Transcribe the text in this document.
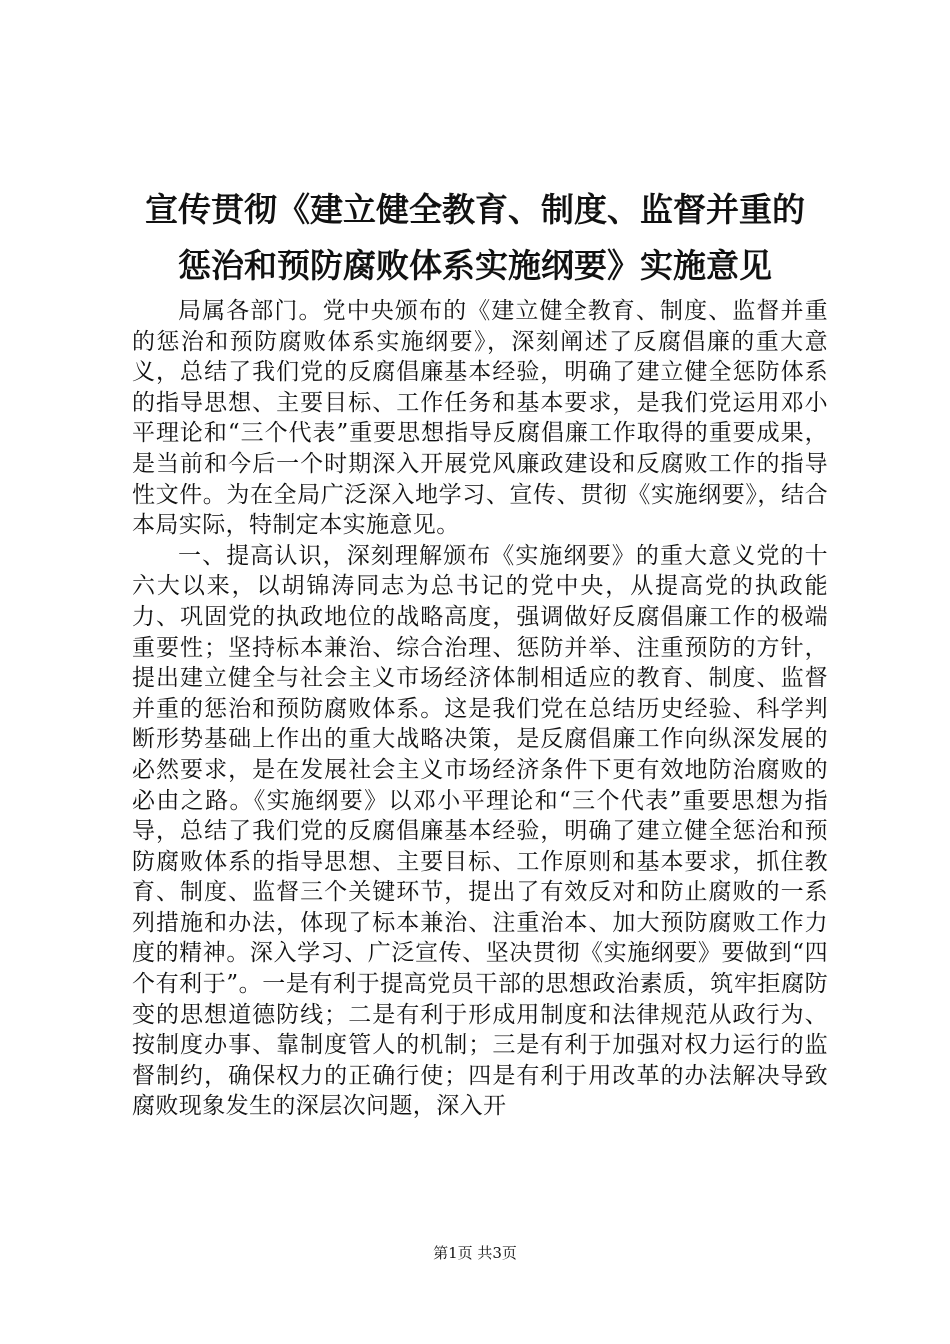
宣传贯彻《建立健全教育、制度、监督并重的
惩治和预防腐败体系实施纲要》实施意见

局属各部门。党中央颁布的《建立健全教育、制度、监督并重的惩治和预防腐败体系实施纲要》，深刻阐述了反腐倡廉的重大意义，总结了我们党的反腐倡廉基本经验，明确了建立健全惩防体系的指导思想、主要目标、工作任务和基本要求，是我们党运用邓小平理论和“三个代表”重要思想指导反腐倡廉工作取得的重要成果，是当前和今后一个时期深入开展党风廉政建设和反腐败工作的指导性文件。为在全局广泛深入地学习、宣传、贯彻《实施纲要》，结合本局实际，特制定本实施意见。

一、提高认识，深刻理解颁布《实施纲要》的重大意义党的十六大以来，以胡锦涛同志为总书记的党中央，从提高党的执政能力、巩固党的执政地位的战略高度，强调做好反腐倡廉工作的极端重要性；坚持标本兼治、综合治理、惩防并举、注重预防的方针，提出建立健全与社会主义市场经济体制相适应的教育、制度、监督并重的惩治和预防腐败体系。这是我们党在总结历史经验、科学判断形势基础上作出的重大战略决策，是反腐倡廉工作向纵深发展的必然要求，是在发展社会主义市场经济条件下更有效地防治腐败的必由之路。《实施纲要》以邓小平理论和“三个代表”重要思想为指导，总结了我们党的反腐倡廉基本经验，明确了建立健全惩治和预防腐败体系的指导思想、主要目标、工作原则和基本要求，抓住教育、制度、监督三个关键环节，提出了有效反对和防止腐败的一系列措施和办法，体现了标本兼治、注重治本、加大预防腐败工作力度的精神。深入学习、广泛宣传、坚决贯彻《实施纲要》要做到“四个有利于”。一是有利于提高党员干部的思想政治素质，筑牢拒腐防变的思想道德防线；二是有利于形成用制度和法律规范从政行为、按制度办事、靠制度管人的机制；三是有利于加强对权力运行的监督制约，确保权力的正确行使；四是有利于用改革的办法解决导致腐败现象发生的深层次问题，深入开

第1页 共3页
